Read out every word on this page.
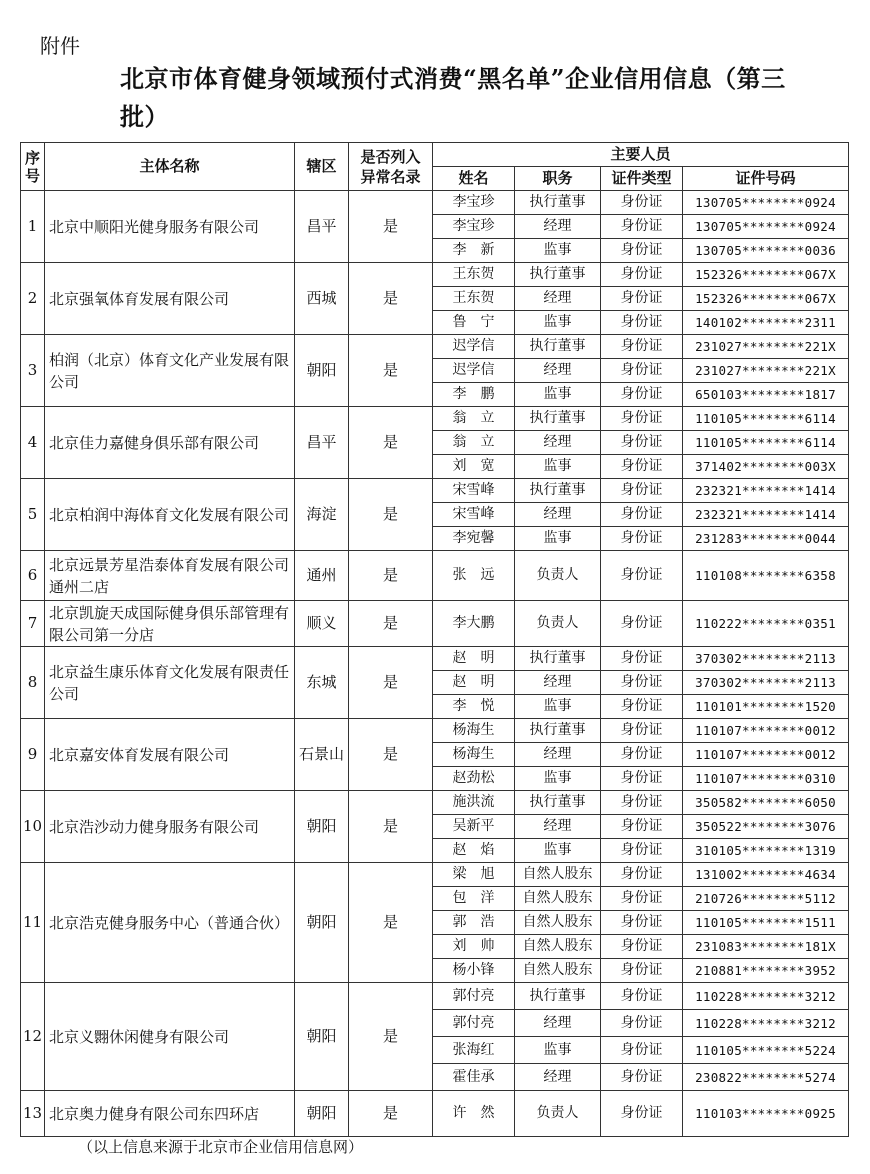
附件
北京市体育健身领域预付式消费“黑名单”企业信用信息（第三批）
序号	主体名称	辖区	是否列入异常名录	主要人员			
				姓名	职务	证件类型	证件号码
1	北京中顺阳光健身服务有限公司	昌平	是	李宝珍	执行董事	身份证	130705********0924
				李宝珍	经理	身份证	130705********0924
				李　新	监事	身份证	130705********0036
2	北京强氧体育发展有限公司	西城	是	王东贺	执行董事	身份证	152326********067X
				王东贺	经理	身份证	152326********067X
				鲁　宁	监事	身份证	140102********2311
3	柏润（北京）体育文化产业发展有限公司	朝阳	是	迟学信	执行董事	身份证	231027********221X
				迟学信	经理	身份证	231027********221X
				李　鹏	监事	身份证	650103********1817
4	北京佳力嘉健身俱乐部有限公司	昌平	是	翁　立	执行董事	身份证	110105********6114
				翁　立	经理	身份证	110105********6114
				刘　宽	监事	身份证	371402********003X
5	北京柏润中海体育文化发展有限公司	海淀	是	宋雪峰	执行董事	身份证	232321********1414
				宋雪峰	经理	身份证	232321********1414
				李宛馨	监事	身份证	231283********0044
6	北京远景芳星浩泰体育发展有限公司通州二店	通州	是	张　远	负责人	身份证	110108********6358
7	北京凯旋天成国际健身俱乐部管理有限公司第一分店	顺义	是	李大鹏	负责人	身份证	110222********0351
8	北京益生康乐体育文化发展有限责任公司	东城	是	赵　明	执行董事	身份证	370302********2113
				赵　明	经理	身份证	370302********2113
				李　悦	监事	身份证	110101********1520
9	北京嘉安体育发展有限公司	石景山	是	杨海生	执行董事	身份证	110107********0012
				杨海生	经理	身份证	110107********0012
				赵劲松	监事	身份证	110107********0310
10	北京浩沙动力健身服务有限公司	朝阳	是	施洪流	执行董事	身份证	350582********6050
				吴新平	经理	身份证	350522********3076
				赵　焰	监事	身份证	310105********1319
11	北京浩克健身服务中心（普通合伙）	朝阳	是	梁　旭	自然人股东	身份证	131002********4634
				包　洋	自然人股东	身份证	210726********5112
				郭　浩	自然人股东	身份证	110105********1511
				刘　帅	自然人股东	身份证	231083********181X
				杨小锋	自然人股东	身份证	210881********3952
12	北京义翾休闲健身有限公司	朝阳	是	郭付亮	执行董事	身份证	110228********3212
				郭付亮	经理	身份证	110228********3212
				张海红	监事	身份证	110105********5224
				霍佳承	经理	身份证	230822********5274
13	北京奥力健身有限公司东四环店	朝阳	是	许　然	负责人	身份证	110103********0925
（以上信息来源于北京市企业信用信息网）
